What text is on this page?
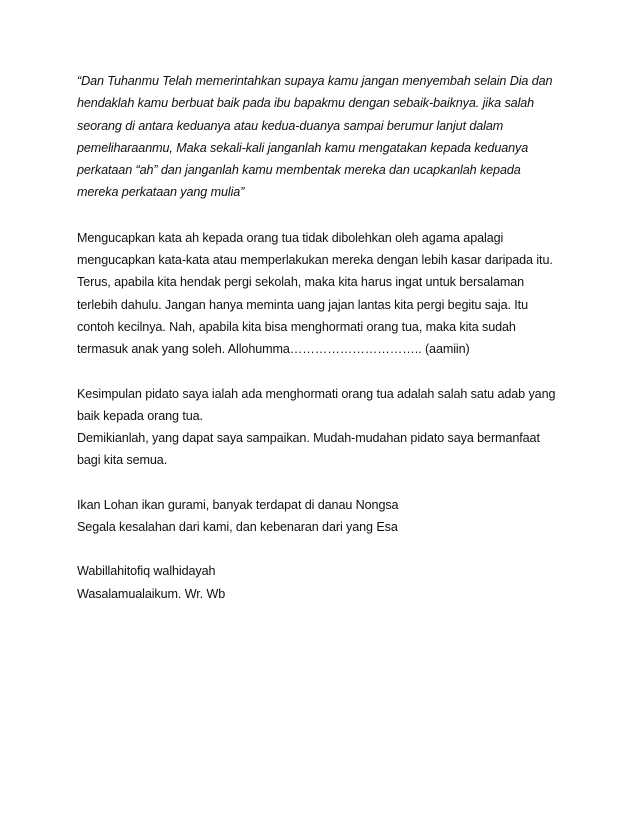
“Dan Tuhanmu Telah memerintahkan supaya kamu jangan menyembah selain Dia dan
hendaklah kamu berbuat baik pada ibu bapakmu dengan sebaik-baiknya. jika salah
seorang di antara keduanya atau kedua-duanya sampai berumur lanjut dalam
pemeliharaanmu, Maka sekali-kali janganlah kamu mengatakan kepada keduanya
perkataan “ah” dan janganlah kamu membentak mereka dan ucapkanlah kepada
mereka perkataan yang mulia”
Mengucapkan kata ah kepada orang tua tidak dibolehkan oleh agama apalagi
mengucapkan kata-kata atau memperlakukan mereka dengan lebih kasar daripada itu.
Terus, apabila kita hendak pergi sekolah, maka kita harus ingat untuk bersalaman
terlebih dahulu. Jangan hanya meminta uang jajan lantas kita pergi begitu saja. Itu
contoh kecilnya. Nah, apabila kita bisa menghormati orang tua, maka kita sudah
termasuk anak yang soleh. Allohumma………………………….. (aamiin)
Kesimpulan pidato saya ialah ada menghormati orang tua adalah salah satu adab yang
baik kepada orang tua.
Demikianlah, yang dapat saya sampaikan. Mudah-mudahan pidato saya bermanfaat
bagi kita semua.
Ikan Lohan ikan gurami, banyak terdapat di danau Nongsa
Segala kesalahan dari kami, dan kebenaran dari yang Esa
Wabillahitofiq walhidayah
Wasalamualaikum. Wr. Wb
